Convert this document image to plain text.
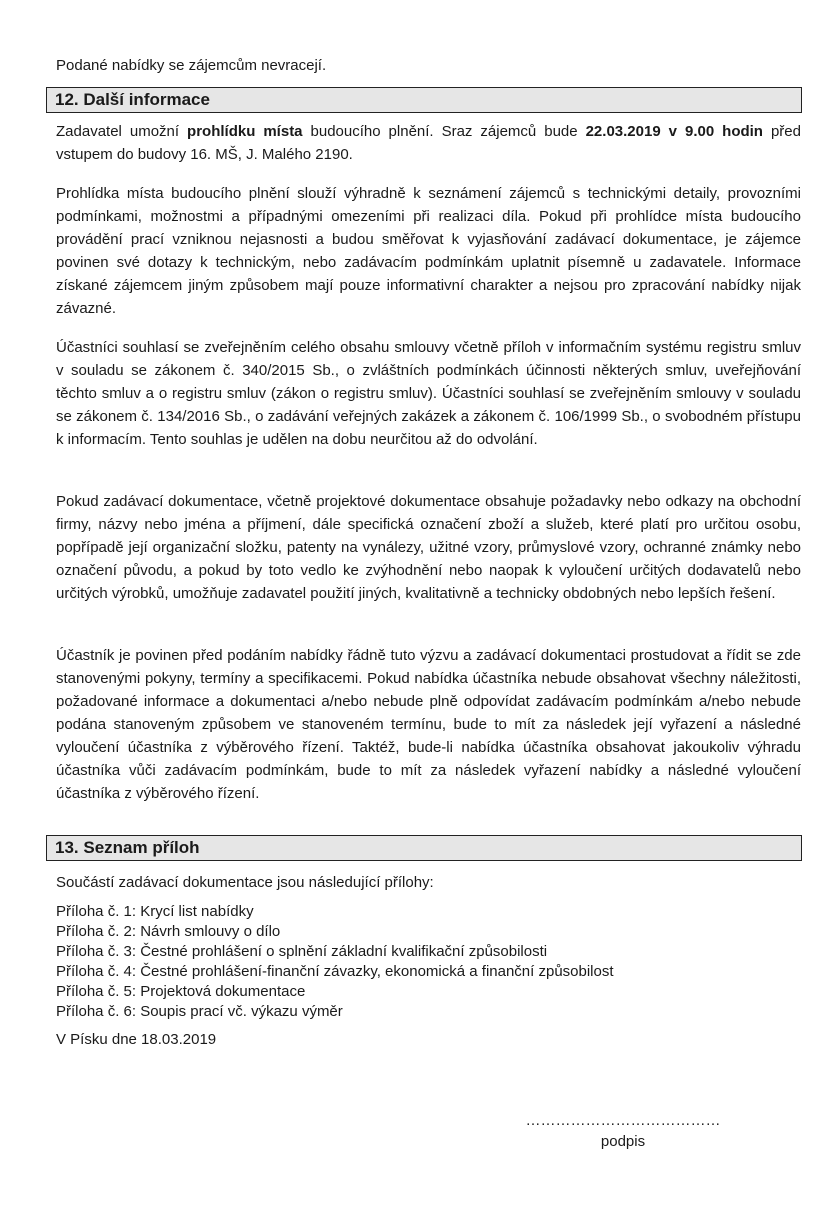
Podané nabídky se zájemcům nevracejí.

12. Další informace

Zadavatel umožní prohlídku místa budoucího plnění. Sraz zájemců bude 22.03.2019 v 9.00 hodin před vstupem do budovy 16. MŠ, J. Malého 2190.

Prohlídka místa budoucího plnění slouží výhradně k seznámení zájemců s technickými detaily, provozními podmínkami, možnostmi a případnými omezeními při realizaci díla. Pokud při prohlídce místa budoucího provádění prací vzniknou nejasnosti a budou směřovat k vyjasňování zadávací dokumentace, je zájemce povinen své dotazy k technickým, nebo zadávacím podmínkám uplatnit písemně u zadavatele. Informace získané zájemcem jiným způsobem mají pouze informativní charakter a nejsou pro zpracování nabídky nijak závazné.

Účastníci souhlasí se zveřejněním celého obsahu smlouvy včetně příloh v informačním systému registru smluv v souladu se zákonem č. 340/2015 Sb., o zvláštních podmínkách účinnosti některých smluv, uveřejňování těchto smluv a o registru smluv (zákon o registru smluv). Účastníci souhlasí se zveřejněním smlouvy v souladu se zákonem č. 134/2016 Sb., o zadávání veřejných zakázek a zákonem č. 106/1999 Sb., o svobodném přístupu k informacím. Tento souhlas je udělen na dobu neurčitou až do odvolání.

Pokud zadávací dokumentace, včetně projektové dokumentace obsahuje požadavky nebo odkazy na obchodní firmy, názvy nebo jména a příjmení, dále specifická označení zboží a služeb, které platí pro určitou osobu, popřípadě její organizační složku, patenty na vynálezy, užitné vzory, průmyslové vzory, ochranné známky nebo označení původu, a pokud by toto vedlo ke zvýhodnění nebo naopak k vyloučení určitých dodavatelů nebo určitých výrobků, umožňuje zadavatel použití jiných, kvalitativně a technicky obdobných nebo lepších řešení.

Účastník je povinen před podáním nabídky řádně tuto výzvu a zadávací dokumentaci prostudovat a řídit se zde stanovenými pokyny, termíny a specifikacemi. Pokud nabídka účastníka nebude obsahovat všechny náležitosti, požadované informace a dokumentaci a/nebo nebude plně odpovídat zadávacím podmínkám a/nebo nebude podána stanoveným způsobem ve stanoveném termínu, bude to mít za následek její vyřazení a následné vyloučení účastníka z výběrového řízení. Taktéž, bude-li nabídka účastníka obsahovat jakoukoliv výhradu účastníka vůči zadávacím podmínkám, bude to mít za následek vyřazení nabídky a následné vyloučení účastníka z výběrového řízení.

13. Seznam příloh

Součástí zadávací dokumentace jsou následující přílohy:

Příloha č. 1: Krycí list nabídky
Příloha č. 2: Návrh smlouvy o dílo
Příloha č. 3: Čestné prohlášení o splnění základní kvalifikační způsobilosti
Příloha č. 4: Čestné prohlášení-finanční závazky, ekonomická a finanční způsobilost
Příloha č. 5: Projektová dokumentace
Příloha č. 6: Soupis prací vč. výkazu výměr

V Písku dne 18.03.2019

…………………………………
podpis
